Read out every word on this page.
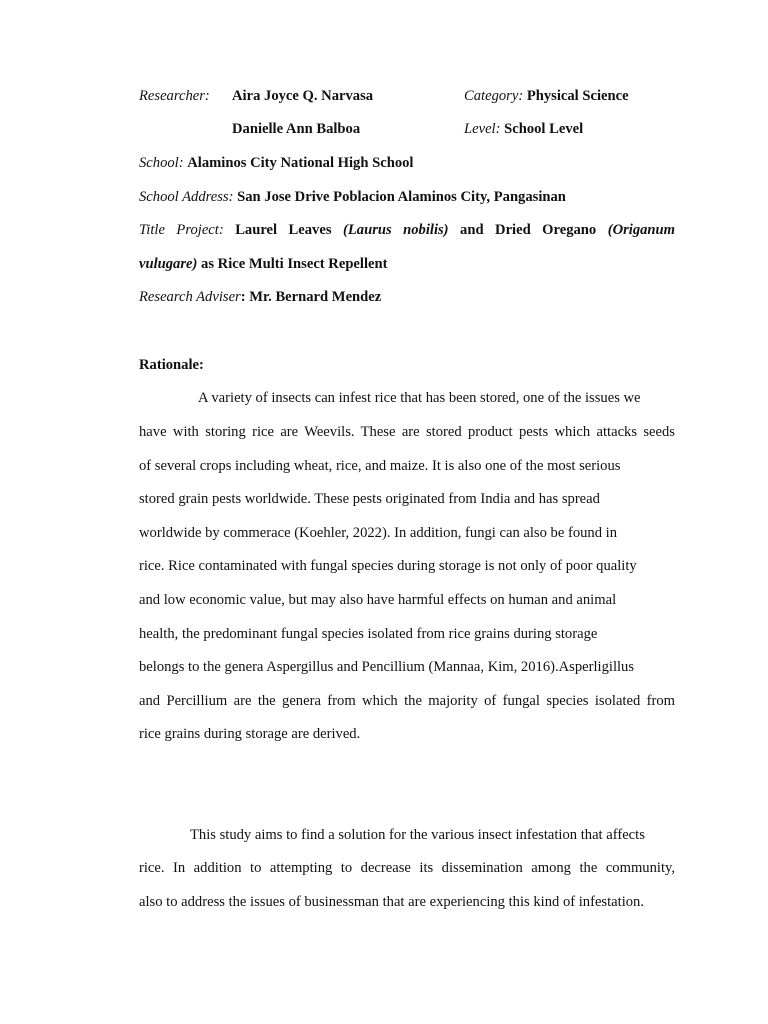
Researcher: Aira Joyce Q. Narvasa	Category: Physical Science
Danielle Ann Balboa	Level: School Level
School: Alaminos City National High School
School Address: San Jose Drive Poblacion Alaminos City, Pangasinan
Title Project: Laurel Leaves (Laurus nobilis) and Dried Oregano (Origanum
vulugare) as Rice Multi Insect Repellent
Research Adviser: Mr. Bernard Mendez
Rationale:
A variety of insects can infest rice that has been stored, one of the issues we
have with storing rice are Weevils. These are stored product pests which attacks seeds
of several crops including wheat, rice, and maize. It is also one of the most serious
stored grain pests worldwide. These pests originated from India and has spread
worldwide by commerace (Koehler, 2022). In addition, fungi can also be found in
rice. Rice contaminated with fungal species during storage is not only of poor quality
and low economic value, but may also have harmful effects on human and animal
health, the predominant fungal species isolated from rice grains during storage
belongs to the genera Aspergillus and Pencillium (Mannaa, Kim, 2016).Asperligillus
and Percillium are the genera from which the majority of fungal species isolated from
rice grains during storage are derived.
This study aims to find a solution for the various insect infestation that affects
rice. In addition to attempting to decrease its dissemination among the community,
also to address the issues of businessman that are experiencing this kind of infestation.
